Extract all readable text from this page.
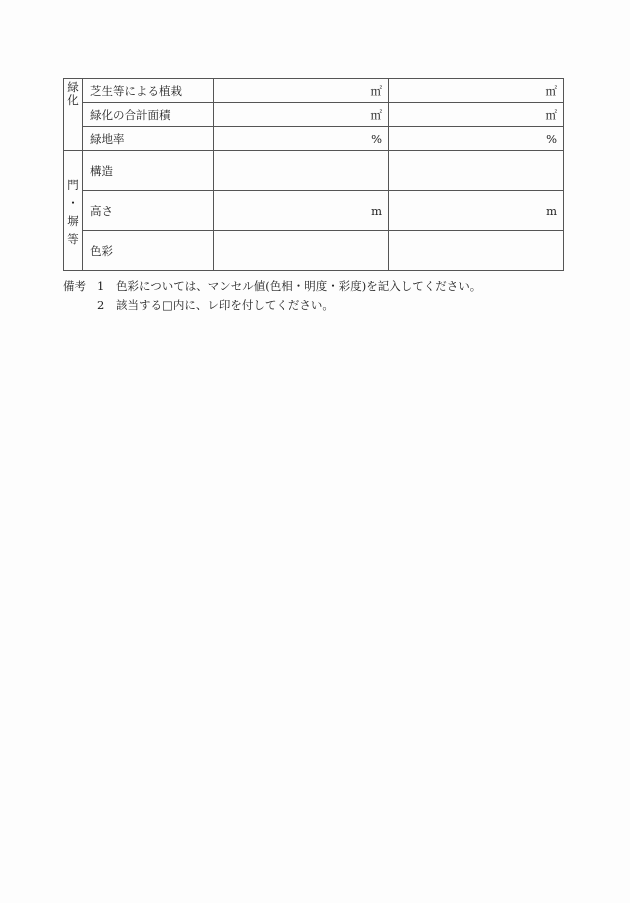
緑
化	芝生等による植栽	㎡	㎡
	緑化の合計面積	㎡	㎡
	緑地率	%	%

門
・
塀
等	構造		
	高さ	m	m
	色彩		
備考 1	色彩については、マンセル値(色相・明度・彩度)を記入してください。
2	該当する□内に、レ印を付してください。
